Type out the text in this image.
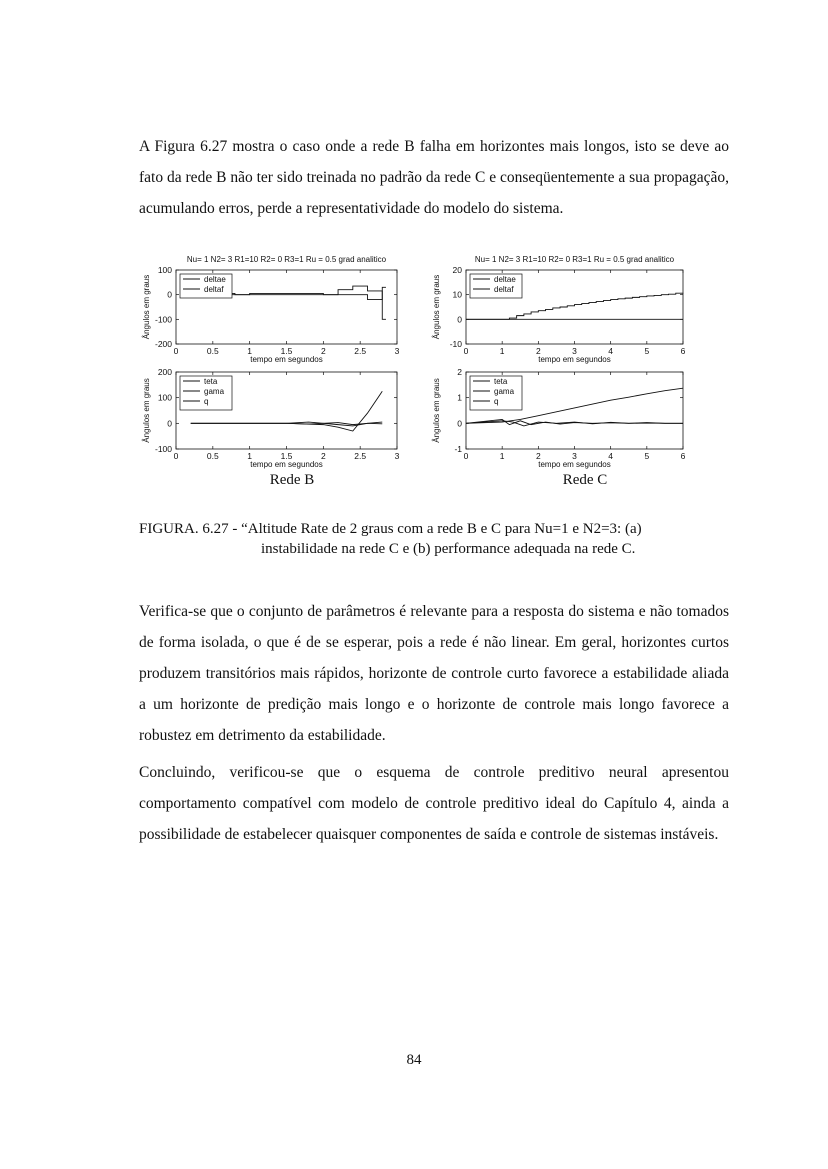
A Figura 6.27 mostra o caso onde a rede B falha em horizontes mais longos, isto se deve ao fato da rede B não ter sido treinada no padrão da rede C e conseqüentemente a sua propagação, acumulando erros, perde a representatividade do modelo do sistema.

Nu= 1 N2= 3 R1=10 R2= 0 R3=1 Ru = 0.5 grad analitico
0	0.5	1	1.5	2	2.5	3
100
0
-100
-200
tempo em segundos
Ângulos em graus	deltae
deltaf
Nu= 1 N2= 3 R1=10 R2= 0 R3=1 Ru = 0.5 grad analitico
0	1	2	3	4	5	6
20
10
0
-10
tempo em segundos
Ângulos em graus	deltae
deltaf
0	0.5	1	1.5	2	2.5	3
200
100
0
-100
tempo em segundos
Ângulos em graus	teta
gama
q
0	1	2	3	4	5	6
2
1
0
-1
tempo em segundos
Ângulos em graus	teta
gama
q
Rede B	Rede C
FIGURA. 6.27 - “Altitude Rate de 2 graus com a rede B e C para Nu=1 e N2=3: (a)
instabilidade na rede C e (b) performance adequada na rede C.

Verifica-se que o conjunto de parâmetros é relevante para a resposta do sistema e não tomados de forma isolada, o que é de se esperar, pois a rede é não linear. Em geral, horizontes curtos produzem transitórios mais rápidos, horizonte de controle curto favorece a estabilidade aliada a um horizonte de predição mais longo e o horizonte de controle mais longo favorece a robustez em detrimento da estabilidade.

Concluindo, verificou-se que o esquema de controle preditivo neural apresentou comportamento compatível com modelo de controle preditivo ideal do Capítulo 4, ainda a possibilidade de estabelecer quaisquer componentes de saída e controle de sistemas instáveis.

84
